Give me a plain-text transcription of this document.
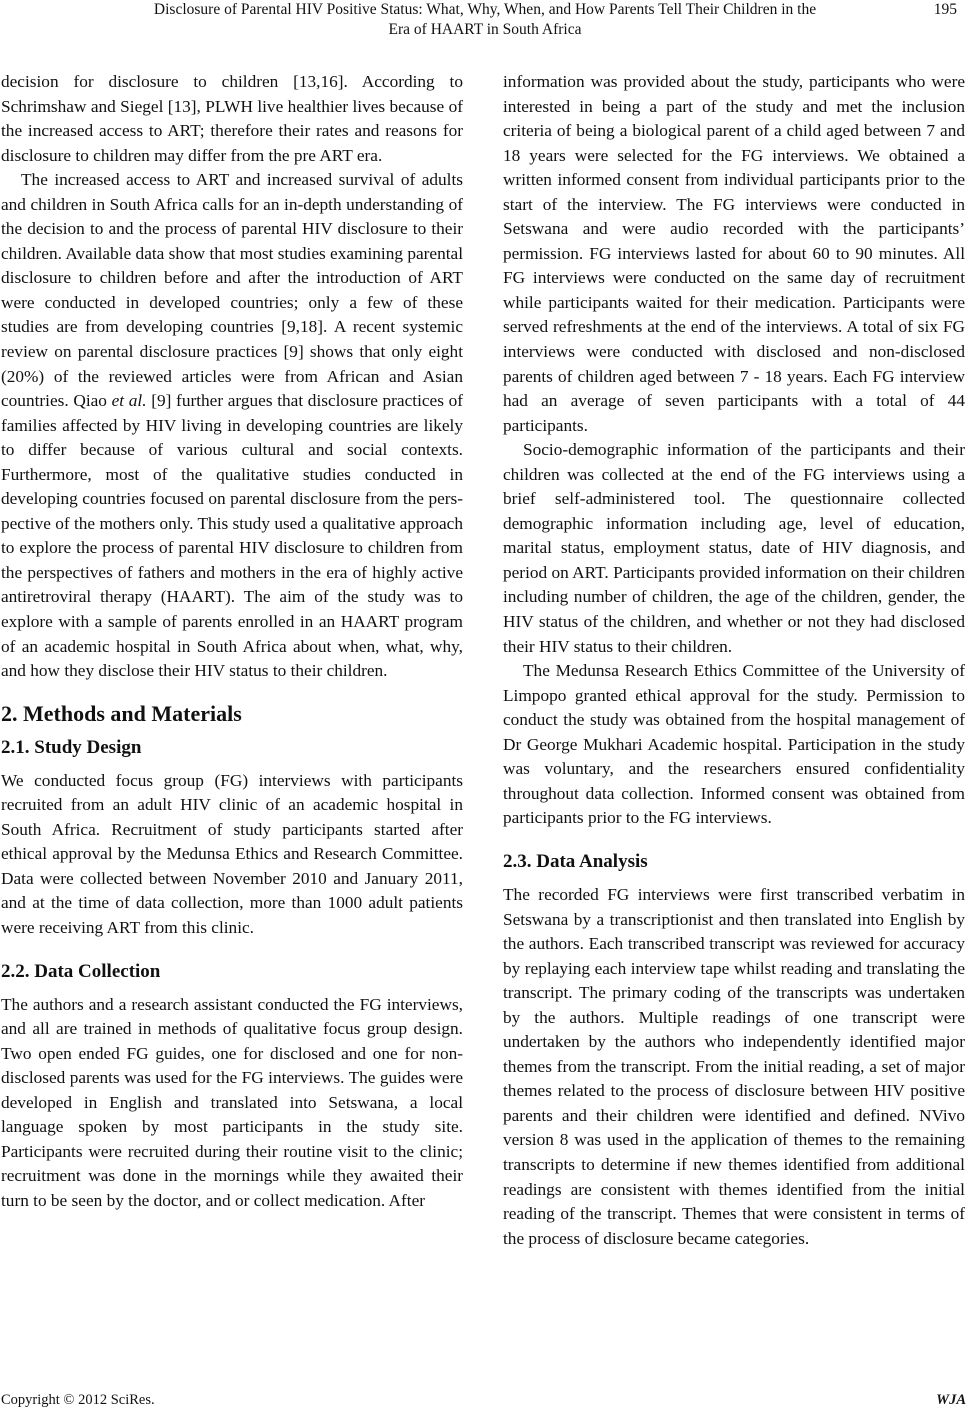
Disclosure of Parental HIV Positive Status: What, Why, When, and How Parents Tell Their Children in the
Era of HAART in South Africa
195

decision for disclosure to children [13,16]. According to Schrimshaw and Siegel [13], PLWH live healthier lives because of the increased access to ART; therefore their rates and reasons for disclosure to children may differ from the pre ART era.

The increased access to ART and increased survival of adults and children in South Africa calls for an in-depth understanding of the decision to and the process of parental HIV disclosure to their children. Available data show that most studies examining parental disclosure to children before and after the introduction of ART were conducted in developed countries; only a few of these studies are from developing countries [9,18]. A recent systemic review on parental disclosure practices [9] shows that only eight (20%) of the reviewed articles were from African and Asian countries. Qiao et al. [9] further argues that disclosure practices of families affected by HIV living in developing countries are likely to differ because of various cultural and social contexts. Furthermore, most of the qualitative studies conducted in developing countries focused on parental disclosure from the perspective of the mothers only. This study used a qualitative approach to explore the process of parental HIV disclosure to children from the perspectives of fathers and mothers in the era of highly active antiretroviral therapy (HAART). The aim of the study was to explore with a sample of parents enrolled in an HAART program of an academic hospital in South Africa about when, what, why, and how they disclose their HIV status to their children.

2. Methods and Materials
2.1. Study Design

We conducted focus group (FG) interviews with participants recruited from an adult HIV clinic of an academic hospital in South Africa. Recruitment of study participants started after ethical approval by the Medunsa Ethics and Research Committee. Data were collected between November 2010 and January 2011, and at the time of data collection, more than 1000 adult patients were receiving ART from this clinic.

2.2. Data Collection

The authors and a research assistant conducted the FG interviews, and all are trained in methods of qualitative focus group design. Two open ended FG guides, one for disclosed and one for non-disclosed parents was used for the FG interviews. The guides were developed in English and translated into Setswana, a local language spoken by most participants in the study site. Participants were recruited during their routine visit to the clinic; recruitment was done in the mornings while they awaited their turn to be seen by the doctor, and or collect medication. After

information was provided about the study, participants who were interested in being a part of the study and met the inclusion criteria of being a biological parent of a child aged between 7 and 18 years were selected for the FG interviews. We obtained a written informed consent from individual participants prior to the start of the interview. The FG interviews were conducted in Setswana and were audio recorded with the participants’ permission. FG interviews lasted for about 60 to 90 minutes. All FG interviews were conducted on the same day of recruitment while participants waited for their medication. Participants were served refreshments at the end of the interviews. A total of six FG interviews were conducted with disclosed and non-disclosed parents of children aged between 7 - 18 years. Each FG interview had an average of seven participants with a total of 44 participants.

Socio-demographic information of the participants and their children was collected at the end of the FG interviews using a brief self-administered tool. The questionnaire collected demographic information including age, level of education, marital status, employment status, date of HIV diagnosis, and period on ART. Participants provided information on their children including number of children, the age of the children, gender, the HIV status of the children, and whether or not they had disclosed their HIV status to their children.

The Medunsa Research Ethics Committee of the University of Limpopo granted ethical approval for the study. Permission to conduct the study was obtained from the hospital management of Dr George Mukhari Academic hospital. Participation in the study was voluntary, and the researchers ensured confidentiality throughout data collection. Informed consent was obtained from participants prior to the FG interviews.

2.3. Data Analysis

The recorded FG interviews were first transcribed verbatim in Setswana by a transcriptionist and then translated into English by the authors. Each transcribed transcript was reviewed for accuracy by replaying each interview tape whilst reading and translating the transcript. The primary coding of the transcripts was undertaken by the authors. Multiple readings of one transcript were undertaken by the authors who independently identified major themes from the transcript. From the initial reading, a set of major themes related to the process of disclosure between HIV positive parents and their children were identified and defined. NVivo version 8 was used in the application of themes to the remaining transcripts to determine if new themes identified from additional readings are consistent with themes identified from the initial reading of the transcript. Themes that were consistent in terms of the process of disclosure became categories.

Copyright © 2012 SciRes.	WJA
